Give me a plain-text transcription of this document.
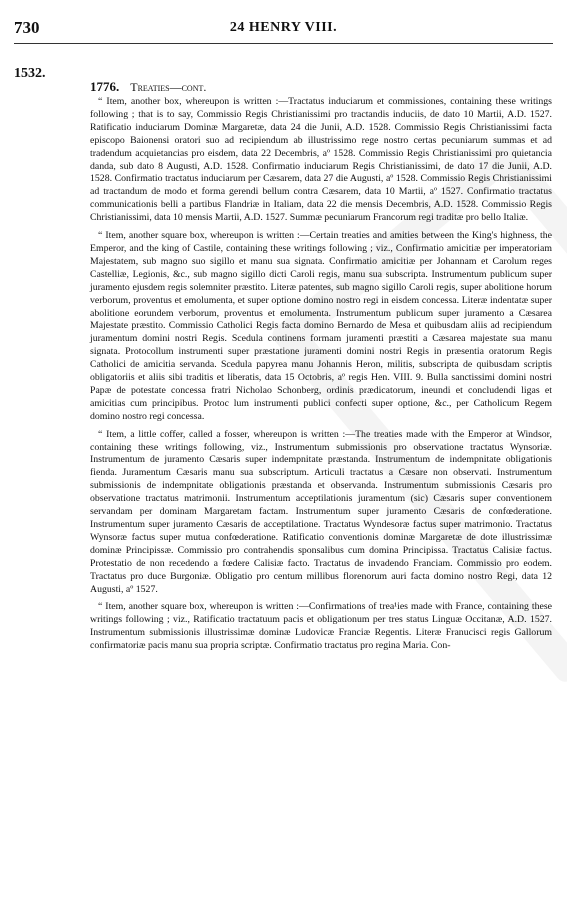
730	24 HENRY VIII.
1532.
1776. Treaties—cont.

“ Item, another box, whereupon is written :—Tractatus induciarum et commissiones, containing these writings following ; that is to say, Commissio Regis Christianissimi pro tractandis induciis, de dato 10 Martii, A.D. 1527. Ratificatio induciarum Dominæ Margaretæ, data 24 die Junii, A.D. 1528. Commissio Regis Christianissimi facta episcopo Baionensi oratori suo ad recipiendum ab illustrissimo rege nostro certas pecuniarum summas et ad tradendum acquietancias pro eisdem, data 22 Decembris, aº 1528. Commissio Regis Christianissimi pro quietancia danda, sub dato 8 Augusti, A.D. 1528. Confirmatio induciarum Regis Christianissimi, de dato 17 die Junii, A.D. 1528. Confirmatio tractatus induciarum per Cæsarem, data 27 die Augusti, aº 1528. Commissio Regis Christianissimi ad tractandum de modo et forma gerendi bellum contra Cæsarem, data 10 Martii, aº 1527. Confirmatio tractatus communicationis belli a partibus Flandriæ in Italiam, data 22 die mensis Decembris, A.D. 1528. Commissio Regis Christianissimi, data 10 mensis Martii, A.D. 1527. Summæ pecuniarum Francorum regi traditæ pro bello Italiæ.

“ Item, another square box, whereupon is written :—Certain treaties and amities between the King's highness, the Emperor, and the king of Castile, containing these writings following ; viz., Confirmatio amicitiæ per imperatoriam Majestatem, sub magno suo sigillo et manu sua signata. Confirmatio amicitiæ per Johannam et Carolum reges Castelliæ, Legionis, &c., sub magno sigillo dicti Caroli regis, manu sua subscripta. Instrumentum publicum super juramento ejusdem regis solemniter præstito. Literæ patentes, sub magno sigillo Caroli regis, super abolitione horum verborum, proventus et emolumenta, et super optione domino nostro regi in eisdem concessa. Literæ indentatæ super abolitione eorundem verborum, proventus et emolumenta. Instrumentum publicum super juramento a Cæsarea Majestate præstito. Commissio Catholici Regis facta domino Bernardo de Mesa et quibusdam aliis ad recipiendum juramentum domini nostri Regis. Scedula continens formam juramenti præstiti a Cæsarea majestate sua manu signata. Protocollum instrumenti super præstatione juramenti domini nostri Regis in præsentia oratorum Regis Catholici de amicitia servanda. Scedula papyrea manu Johannis Heron, militis, subscripta de quibusdam scriptis obligatoriis et aliis sibi traditis et liberatis, data 15 Octobris, aº regis Hen. VIII. 9. Bulla sanctissimi domini nostri Papæ de potestate concessa fratri Nicholao Schonberg, ordinis prædicatorum, ineundi et concludendi ligas et amicitias cum principibus. Protoc lum instrumenti publici confecti super optione, &c., per Catholicum Regem domino nostro regi concessa.

“ Item, a little coffer, called a fosser, whereupon is written :—The treaties made with the Emperor at Windsor, containing these writings following, viz., Instrumentum submissionis pro observatione tractatus Wynsoriæ. Instrumentum de juramento Cæsaris super indempnitate præstanda. Instrumentum de indempnitate obligationis fienda. Juramentum Cæsaris manu sua subscriptum. Articuli tractatus a Cæsare non observati. Instrumentum submissionis de indempnitate obligationis præstanda et observanda. Instrumentum submissionis Cæsaris pro observatione tractatus matrimonii. Instrumentum acceptilationis juramentum (sic) Cæsaris super conventionem servandam per dominam Margaretam factam. Instrumentum super juramento Cæsaris de confœderatione. Instrumentum super juramento Cæsaris de acceptilatione. Tractatus Wyndesoræ factus super matrimonio. Tractatus Wynsoræ factus super mutua confœderatione. Ratificatio conventionis dominæ Margaretæ de dote illustrissimæ dominæ Principissæ. Commissio pro contrahendis sponsalibus cum domina Principissa. Tractatus Calisiæ factus. Protestatio de non recedendo a fœdere Calisiæ facto. Tractatus de invadendo Franciam. Commissio pro eodem. Tractatus pro duce Burgoniæ. Obligatio pro centum millibus florenorum auri facta domino nostro Regi, data 12 Augusti, aº 1527.

“ Item, another square box, whereupon is written :—Confirmations of trea¹ies made with France, containing these writings following ; viz., Ratificatio tractatuum pacis et obligationum per tres status Linguæ Occitanæ, A.D. 1527. Instrumentum submissionis illustrissimæ dominæ Ludovicæ Franciæ Regentis. Literæ Franucisci regis Gallorum confirmatoriæ pacis manu sua propria scriptæ. Confirmatio tractatus pro regina Maria. Con-
